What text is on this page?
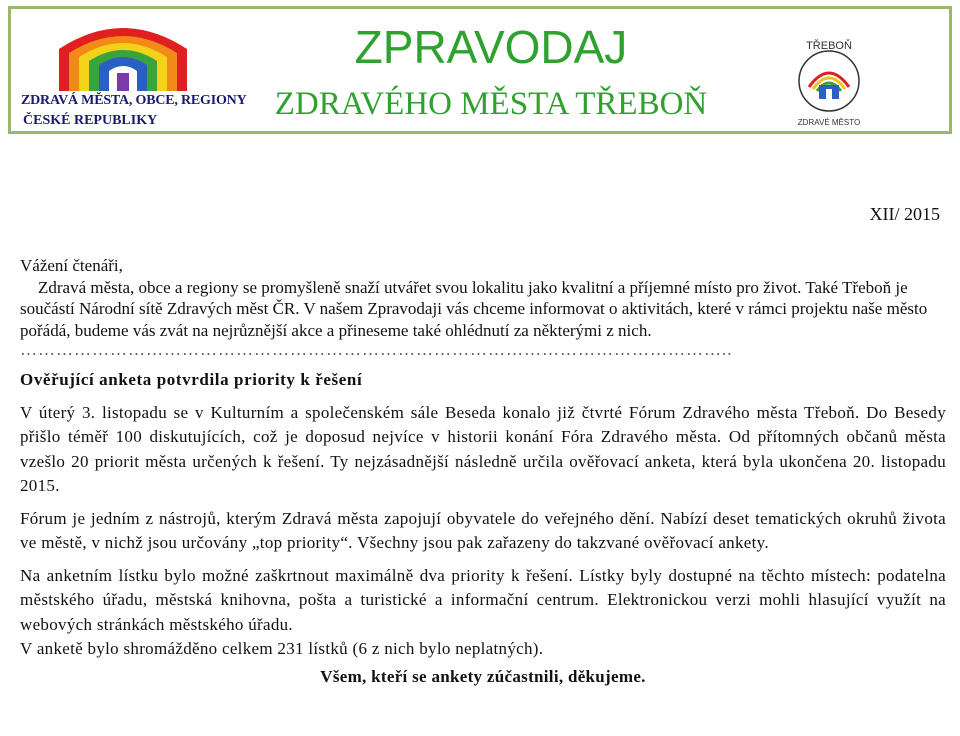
ZDRAVÁ MĚSTA, OBCE, REGIONY
ČESKÉ REPUBLIKY
ZPRAVODAJ
ZDRAVÉHO MĚSTA TŘEBOŇ
TŘEBOŇ
ZDRAVÉ MĚSTO
XII/ 2015

Vážení čtenáři,

Zdravá města, obce a regiony se promyšleně snaží utvářet svou lokalitu jako kvalitní a příjemné místo pro život. Také Třeboň je součástí Národní sítě Zdravých měst ČR. V našem Zpravodaji vás chceme informovat o aktivitách, které v rámci projektu naše město pořádá, budeme vás zvát na nejrůznější akce a přineseme také ohlédnutí za některými z nich.

………………………………………………………………………………………………………..

Ověřující anketa potvrdila priority k řešení

V úterý 3. listopadu se v Kulturním a společenském sále Beseda konalo již čtvrté Fórum Zdravého města Třeboň. Do Besedy přišlo téměř 100 diskutujících, což je doposud nejvíce v historii konání Fóra Zdravého města. Od přítomných občanů města vzešlo 20 priorit města určených k řešení. Ty nejzásadnější následně určila ověřovací anketa, která byla ukončena 20. listopadu 2015.

Fórum je jedním z nástrojů, kterým Zdravá města zapojují obyvatele do veřejného dění. Nabízí deset tematických okruhů života ve městě, v nichž jsou určovány „top priority“. Všechny jsou pak zařazeny do takzvané ověřovací ankety.

Na anketním lístku bylo možné zaškrtnout maximálně dva priority k řešení. Lístky byly dostupné na těchto místech: podatelna městského úřadu, městská knihovna, pošta a turistické a informační centrum. Elektronickou verzi mohli hlasující využít na webových stránkách městského úřadu.

V anketě bylo shromážděno celkem 231 lístků (6 z nich bylo neplatných).

Všem, kteří se ankety zúčastnili, děkujeme.
